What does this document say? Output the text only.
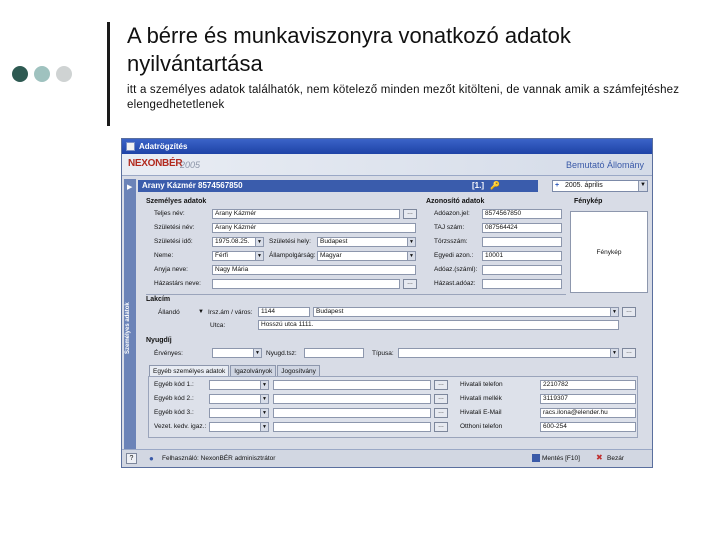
A bérre és munkaviszonyra vonatkozó adatok nyilvántartása
itt a személyes adatok találhatók, nem kötelező minden mezőt kitölteni, de vannak amik a számfejtéshez elengedhetetlenek
Adatrögzítés
NEXONBÉR
2005	Bemutató Állomány
▶
Személyes adatok
Arany Kázmér 8574567850	[1.] 🔑	+ 2005. április	▼
Személyes adatok
Teljes név:	Arany Kázmér	…
Születési név:	Arany Kázmér
Születési idő:	1975.08.25.	▼ Születési hely:	Budapest	▼
Neme:	Férfi	▼ Állampolgárság: Magyar	▼
Anyja neve:	Nagy Mária
Házastárs neve:	…
Azonosító adatok
Adóazon.jel:	8574567850
TAJ szám:	087564424
Törzsszám:
Egyedi azon.:	10001
Adóaz.(száml):
Házast.adóaz:
Fénykép
Fénykép
Lakcím
Állandó	▼ Irsz.ám / város:	1144	Budapest	▼	…
Utca:	Hosszú utca 1111.
Nyugdíj
Érvényes:	▼ Nyugd.tsz:	Típusa:	▼	…
Egyéb személyes adatok	Igazolványok	Jogosítvány
Egyéb kód 1.:	▼	…
Egyéb kód 2.:	▼	…
Egyéb kód 3.:	▼	…
Vezet. kedv. igaz.:	▼	…
Hivatali telefon	2210782
Hivatali mellék	3119307
Hivatali E-Mail	racs.ilona@elender.hu
Otthoni telefon	600-254
?	● Felhasználó: NexonBÉR adminisztrátor	Mentés [F10] ✖ Bezár
